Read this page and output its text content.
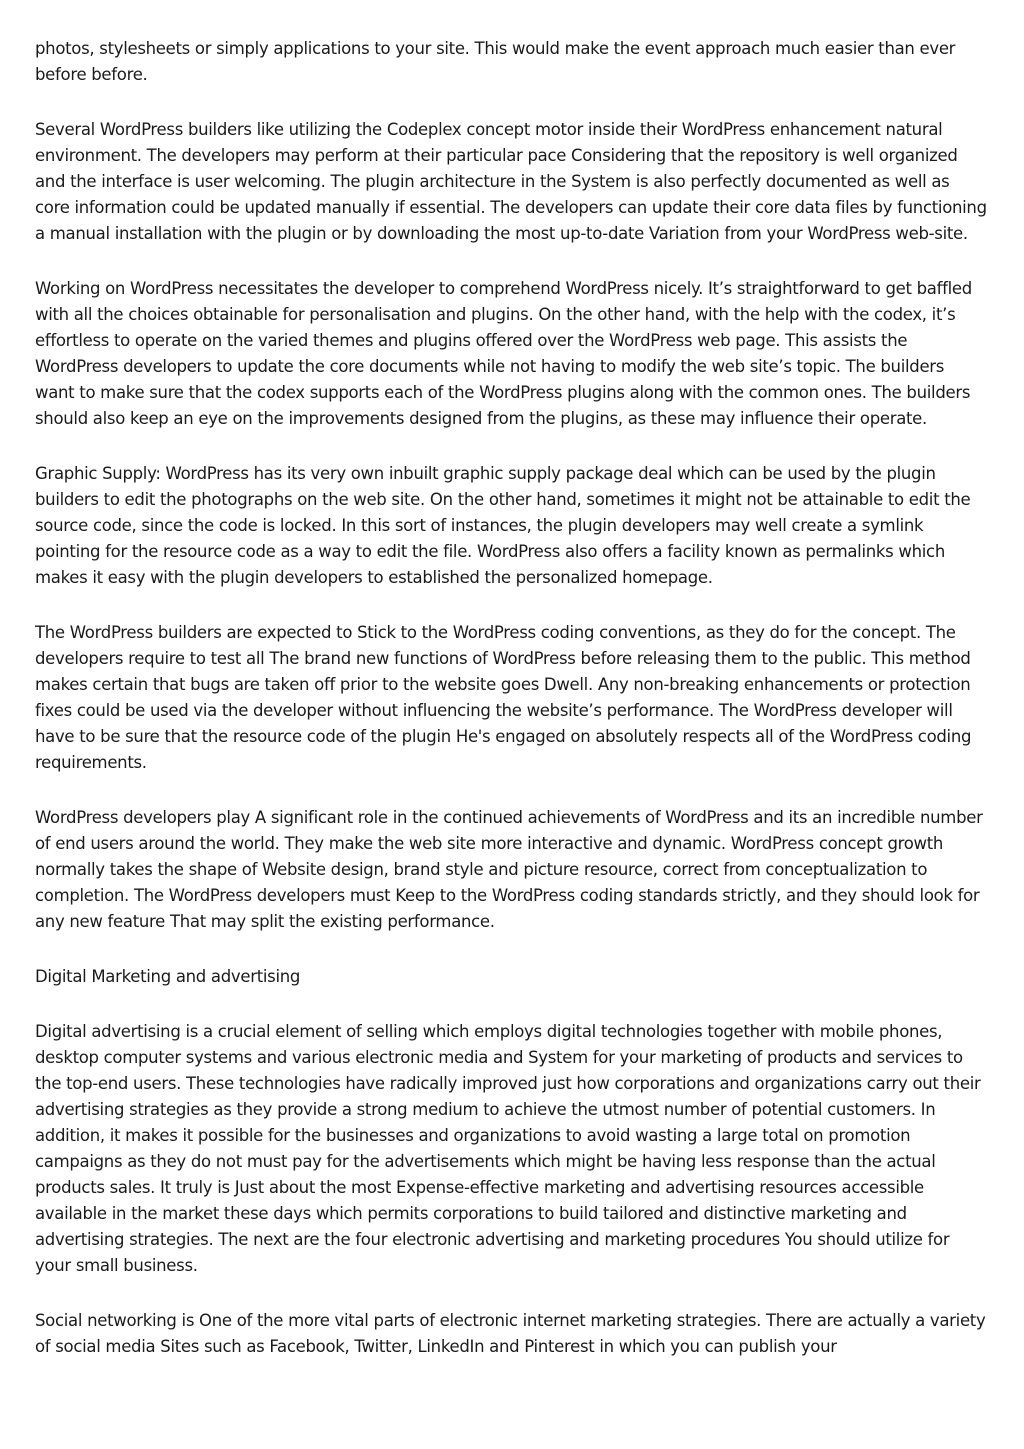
photos, stylesheets or simply applications to your site. This would make the event approach much easier than ever before before.

Several WordPress builders like utilizing the Codeplex concept motor inside their WordPress enhancement natural environment. The developers may perform at their particular pace Considering that the repository is well organized and the interface is user welcoming. The plugin architecture in the System is also perfectly documented as well as core information could be updated manually if essential. The developers can update their core data files by functioning a manual installation with the plugin or by downloading the most up-to-date Variation from your WordPress web-site.

Working on WordPress necessitates the developer to comprehend WordPress nicely. It’s straightforward to get baffled with all the choices obtainable for personalisation and plugins. On the other hand, with the help with the codex, it’s effortless to operate on the varied themes and plugins offered over the WordPress web page. This assists the WordPress developers to update the core documents while not having to modify the web site’s topic. The builders want to make sure that the codex supports each of the WordPress plugins along with the common ones. The builders should also keep an eye on the improvements designed from the plugins, as these may influence their operate.

Graphic Supply: WordPress has its very own inbuilt graphic supply package deal which can be used by the plugin builders to edit the photographs on the web site. On the other hand, sometimes it might not be attainable to edit the source code, since the code is locked. In this sort of instances, the plugin developers may well create a symlink pointing for the resource code as a way to edit the file. WordPress also offers a facility known as permalinks which makes it easy with the plugin developers to established the personalized homepage.

The WordPress builders are expected to Stick to the WordPress coding conventions, as they do for the concept. The developers require to test all The brand new functions of WordPress before releasing them to the public. This method makes certain that bugs are taken off prior to the website goes Dwell. Any non-breaking enhancements or protection fixes could be used via the developer without influencing the website’s performance. The WordPress developer will have to be sure that the resource code of the plugin He's engaged on absolutely respects all of the WordPress coding requirements.

WordPress developers play A significant role in the continued achievements of WordPress and its an incredible number of end users around the world. They make the web site more interactive and dynamic. WordPress concept growth normally takes the shape of Website design, brand style and picture resource, correct from conceptualization to completion. The WordPress developers must Keep to the WordPress coding standards strictly, and they should look for any new feature That may split the existing performance.

Digital Marketing and advertising

Digital advertising is a crucial element of selling which employs digital technologies together with mobile phones, desktop computer systems and various electronic media and System for your marketing of products and services to the top-end users. These technologies have radically improved just how corporations and organizations carry out their advertising strategies as they provide a strong medium to achieve the utmost number of potential customers. In addition, it makes it possible for the businesses and organizations to avoid wasting a large total on promotion campaigns as they do not must pay for the advertisements which might be having less response than the actual products sales. It truly is Just about the most Expense-effective marketing and advertising resources accessible available in the market these days which permits corporations to build tailored and distinctive marketing and advertising strategies. The next are the four electronic advertising and marketing procedures You should utilize for your small business.

Social networking is One of the more vital parts of electronic internet marketing strategies. There are actually a variety of social media Sites such as Facebook, Twitter, LinkedIn and Pinterest in which you can publish your
